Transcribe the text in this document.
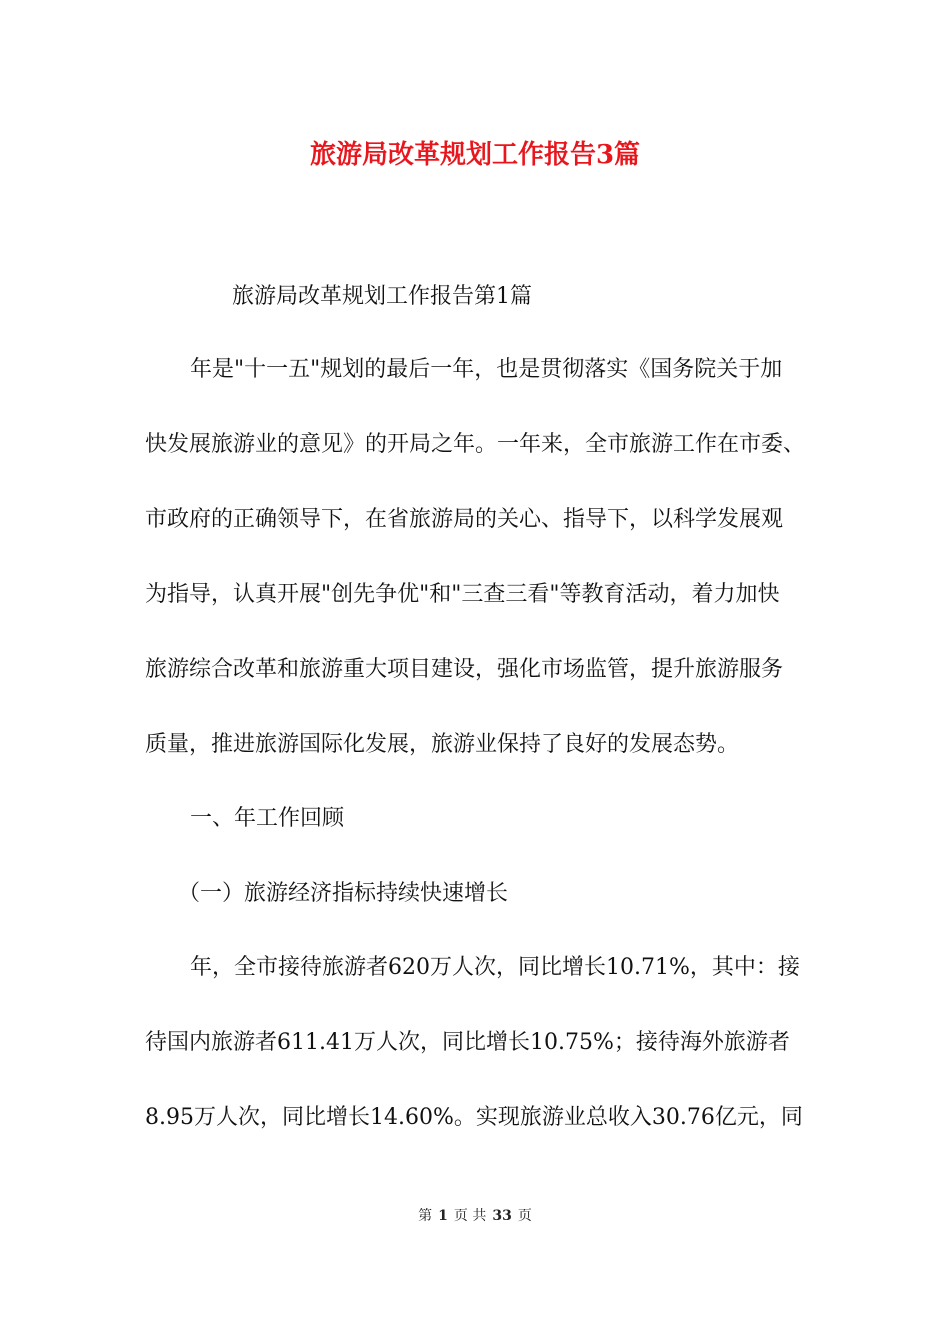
旅游局改革规划工作报告3篇
旅游局改革规划工作报告第1篇
年是"十一五"规划的最后一年，也是贯彻落实《国务院关于加
快发展旅游业的意见》的开局之年。一年来，全市旅游工作在市委、
市政府的正确领导下，在省旅游局的关心、指导下，以科学发展观
为指导，认真开展"创先争优"和"三查三看"等教育活动，着力加快
旅游综合改革和旅游重大项目建设，强化市场监管，提升旅游服务
质量，推进旅游国际化发展，旅游业保持了良好的发展态势。
一、年工作回顾
（一）旅游经济指标持续快速增长
年，全市接待旅游者620万人次，同比增长10.71%，其中：接
待国内旅游者611.41万人次，同比增长10.75%；接待海外旅游者
8.95万人次，同比增长14.60%。实现旅游业总收入30.76亿元，同
第 1 页 共 33 页
